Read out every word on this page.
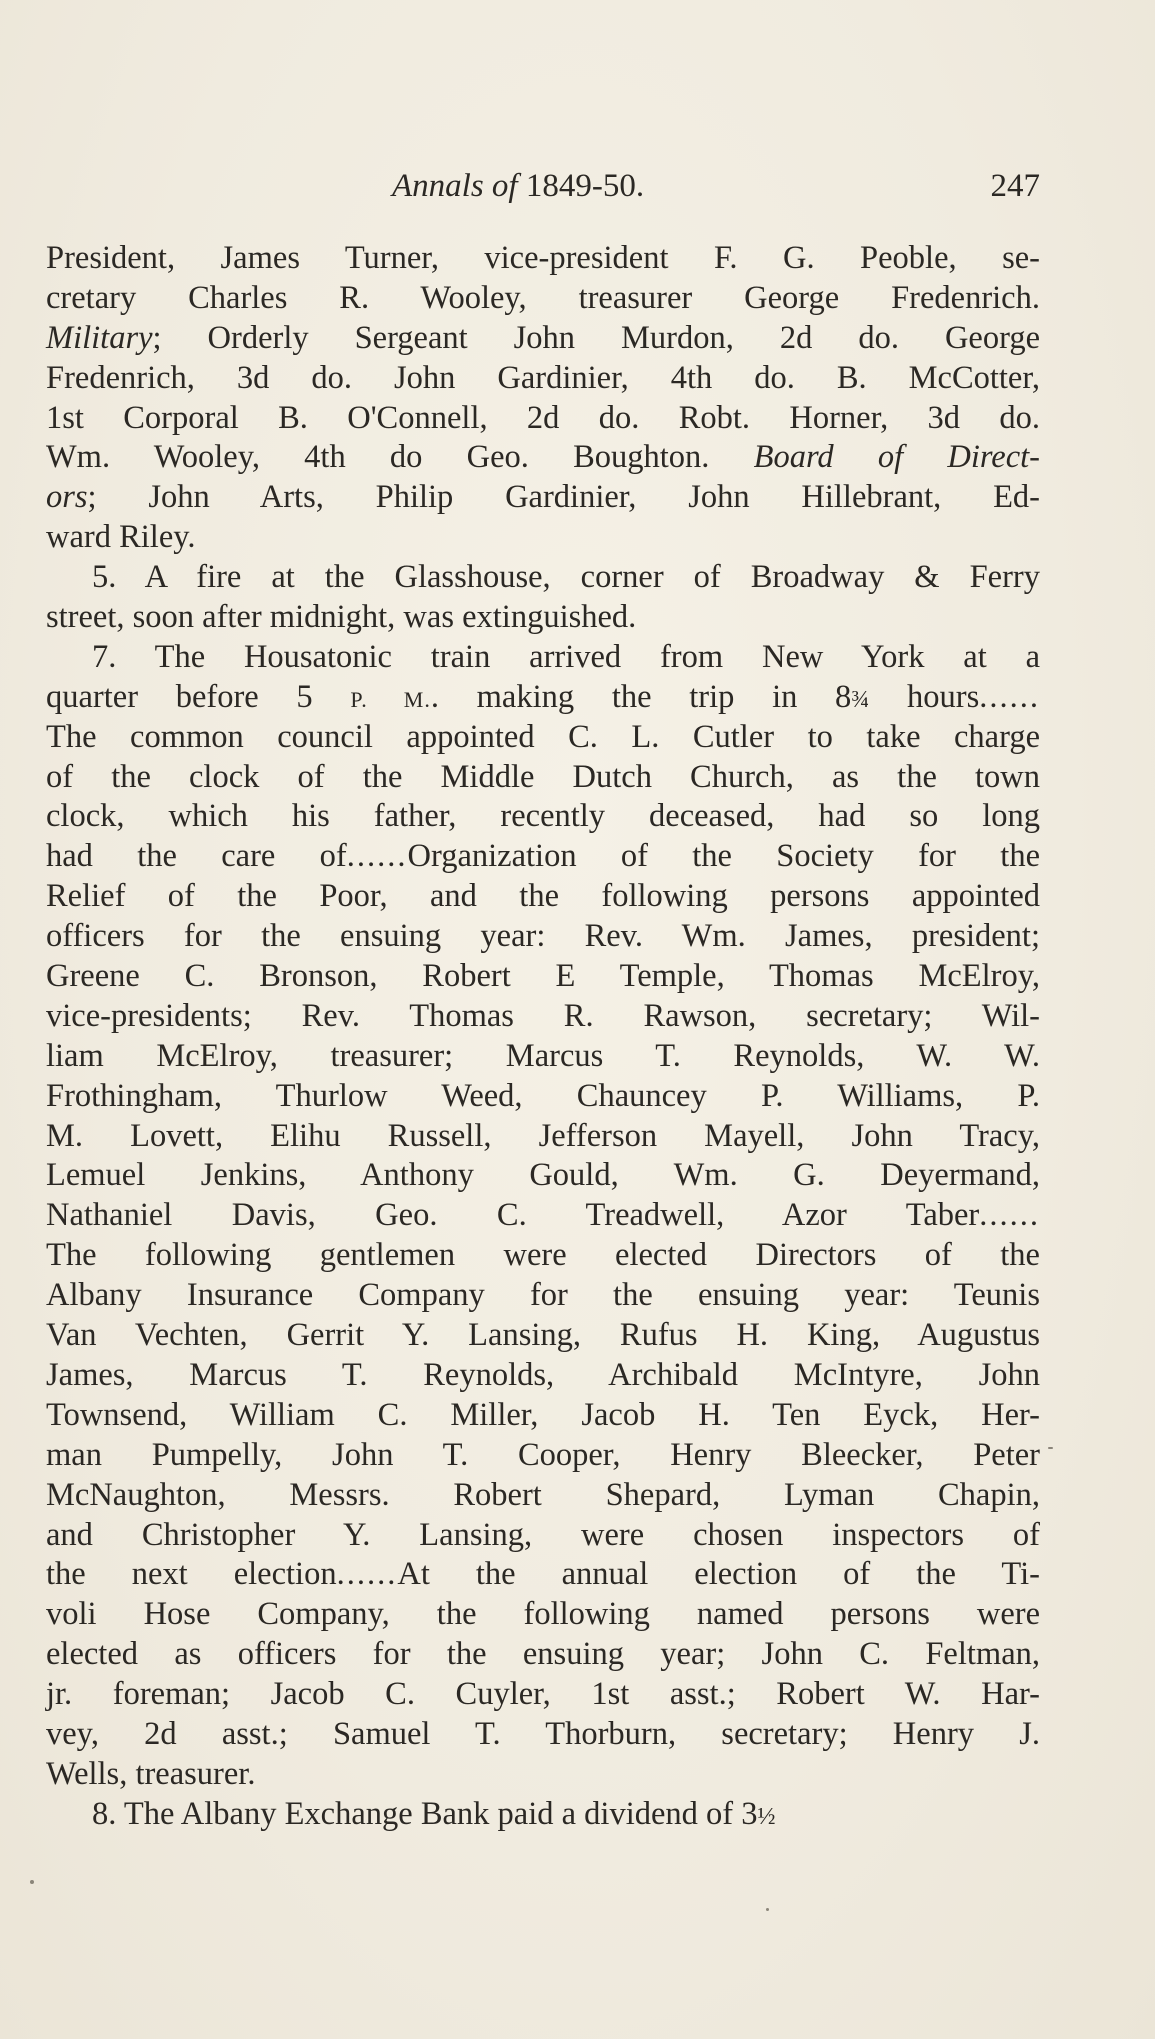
Annals of 1849-50.	247
President, James Turner, vice-president F. G. Peoble, se-
cretary Charles R. Wooley, treasurer George Fredenrich.
Military; Orderly Sergeant John Murdon, 2d do. George
Fredenrich, 3d do. John Gardinier, 4th do. B. McCotter,
1st Corporal B. O'Connell, 2d do. Robt. Horner, 3d do.
Wm. Wooley, 4th do Geo. Boughton. Board of Direct-
ors; John Arts, Philip Gardinier, John Hillebrant, Ed-
ward Riley.
5. A fire at the Glasshouse, corner of Broadway & Ferry
street, soon after midnight, was extinguished.
7. The Housatonic train arrived from New York at a
quarter before 5 P. M.. making the trip in 8¾ hours......
The common council appointed C. L. Cutler to take charge
of the clock of the Middle Dutch Church, as the town
clock, which his father, recently deceased, had so long
had the care of......Organization of the Society for the
Relief of the Poor, and the following persons appointed
officers for the ensuing year: Rev. Wm. James, president;
Greene C. Bronson, Robert E Temple, Thomas McElroy,
vice-presidents; Rev. Thomas R. Rawson, secretary; Wil-
liam McElroy, treasurer; Marcus T. Reynolds, W. W.
Frothingham, Thurlow Weed, Chauncey P. Williams, P.
M. Lovett, Elihu Russell, Jefferson Mayell, John Tracy,
Lemuel Jenkins, Anthony Gould, Wm. G. Deyermand,
Nathaniel Davis, Geo. C. Treadwell, Azor Taber......
The following gentlemen were elected Directors of the
Albany Insurance Company for the ensuing year: Teunis
Van Vechten, Gerrit Y. Lansing, Rufus H. King, Augustus
James, Marcus T. Reynolds, Archibald McIntyre, John
Townsend, William C. Miller, Jacob H. Ten Eyck, Her-
man Pumpelly, John T. Cooper, Henry Bleecker, Peter
McNaughton, Messrs. Robert Shepard, Lyman Chapin,
and Christopher Y. Lansing, were chosen inspectors of
the next election......At the annual election of the Ti-
voli Hose Company, the following named persons were
elected as officers for the ensuing year; John C. Feltman,
jr. foreman; Jacob C. Cuyler, 1st asst.; Robert W. Har-
vey, 2d asst.; Samuel T. Thorburn, secretary; Henry J.
Wells, treasurer.
8. The Albany Exchange Bank paid a dividend of 3½
